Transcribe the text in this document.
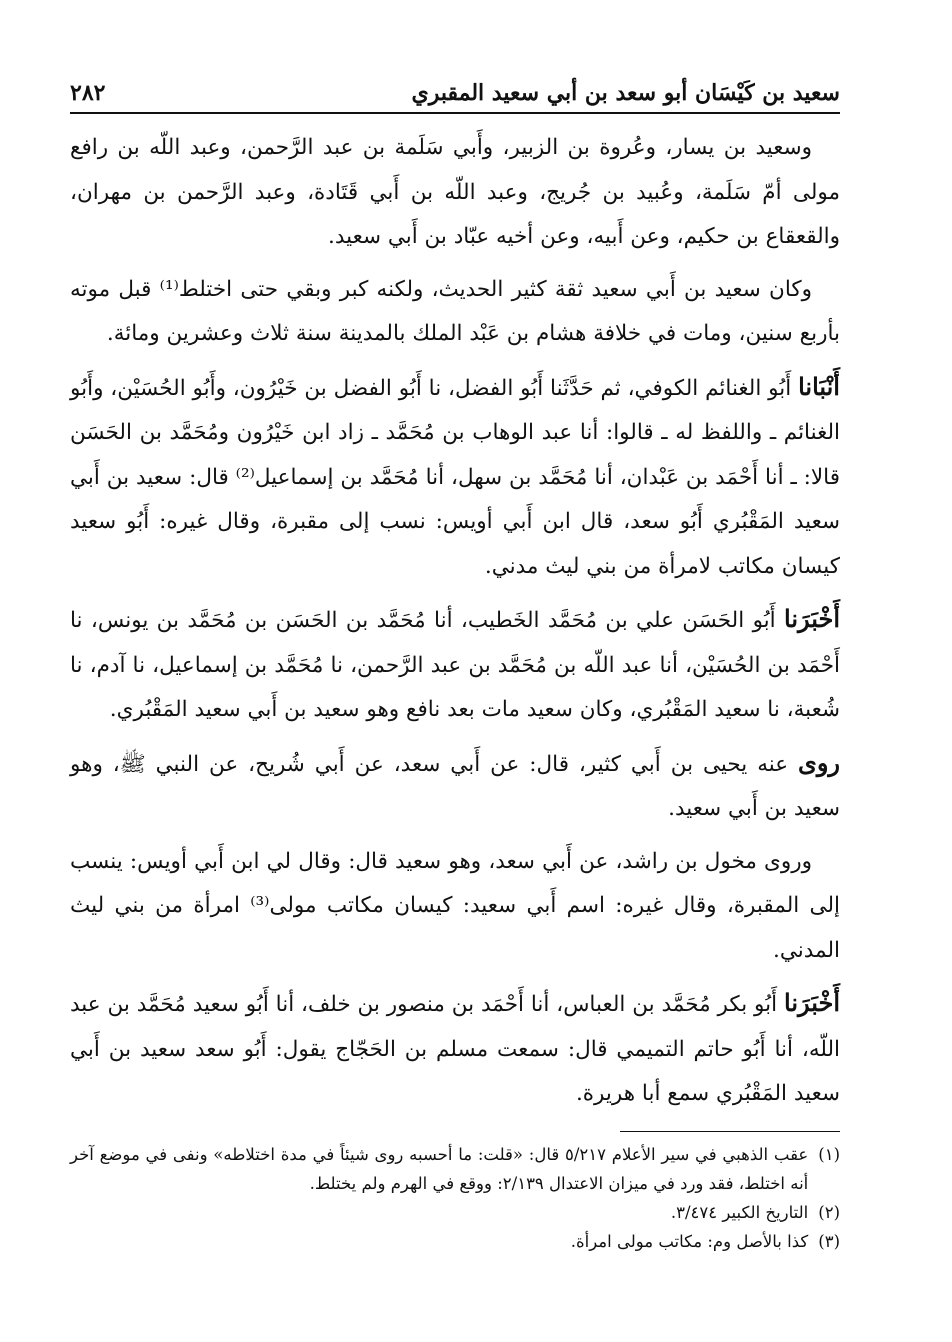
سعيد بن كَيْسَان أبو سعد بن أبي سعيد المقبري
٢٨٢

وسعيد بن يسار، وعُروة بن الزبير، وأَبي سَلَمة بن عبد الرَّحمن، وعبد اللّه بن رافع مولى أمّ سَلَمة، وعُبيد بن جُريج، وعبد اللّه بن أَبي قَتَادة، وعبد الرَّحمن بن مهران، والقعقاع بن حكيم، وعن أَبيه، وعن أخيه عبّاد بن أَبي سعيد.

وكان سعيد بن أَبي سعيد ثقة كثير الحديث، ولكنه كبر وبقي حتى اختلط⁽¹⁾ قبل موته بأربع سنين، ومات في خلافة هشام بن عَبْد الملك بالمدينة سنة ثلاث وعشرين ومائة.

أَنْبَانا أَبُو الغنائم الكوفي، ثم حَدَّثَنا أَبُو الفضل، نا أَبُو الفضل بن خَيْرُون، وأَبُو الحُسَيْن، وأَبُو الغنائم ـ واللفظ له ـ قالوا: أنا عبد الوهاب بن مُحَمَّد ـ زاد ابن خَيْرُون ومُحَمَّد بن الحَسَن قالا: ـ أنا أَحْمَد بن عَبْدان، أنا مُحَمَّد بن سهل، أنا مُحَمَّد بن إسماعيل⁽²⁾ قال: سعيد بن أَبي سعيد المَقْبُري أَبُو سعد، قال ابن أَبي أويس: نسب إلى مقبرة، وقال غيره: أَبُو سعيد كيسان مكاتب لامرأة من بني ليث مدني.

أَخْبَرَنا أَبُو الحَسَن علي بن مُحَمَّد الخَطيب، أنا مُحَمَّد بن الحَسَن بن مُحَمَّد بن يونس، نا أَحْمَد بن الحُسَيْن، أنا عبد اللّه بن مُحَمَّد بن عبد الرَّحمن، نا مُحَمَّد بن إسماعيل، نا آدم، نا شُعبة، نا سعيد المَقْبُري، وكان سعيد مات بعد نافع وهو سعيد بن أَبي سعيد المَقْبُري.

روى عنه يحيى بن أَبي كثير، قال: عن أَبي سعد، عن أَبي شُريح، عن النبي ﷺ، وهو سعيد بن أَبي سعيد.

وروى مخول بن راشد، عن أَبي سعد، وهو سعيد قال: وقال لي ابن أَبي أويس: ينسب إلى المقبرة، وقال غيره: اسم أَبي سعيد: كيسان مكاتب مولى⁽³⁾ امرأة من بني ليث المدني.

أَخْبَرَنا أَبُو بكر مُحَمَّد بن العباس، أنا أَحْمَد بن منصور بن خلف، أنا أَبُو سعيد مُحَمَّد بن عبد اللّه، أنا أَبُو حاتم التميمي قال: سمعت مسلم بن الحَجّاج يقول: أَبُو سعد سعيد بن أَبي سعيد المَقْبُري سمع أبا هريرة.

(١)
عقب الذهبي في سير الأعلام ٥/٢١٧ قال: «قلت: ما أحسبه روى شيئاً في مدة اختلاطه» ونفى في موضع آخر أنه اختلط، فقد ورد في ميزان الاعتدال ٢/١٣٩: ووقع في الهرم ولم يختلط.
(٢)
التاريخ الكبير ٣/٤٧٤.
(٣)
كذا بالأصل وم: مكاتب مولى امرأة.
